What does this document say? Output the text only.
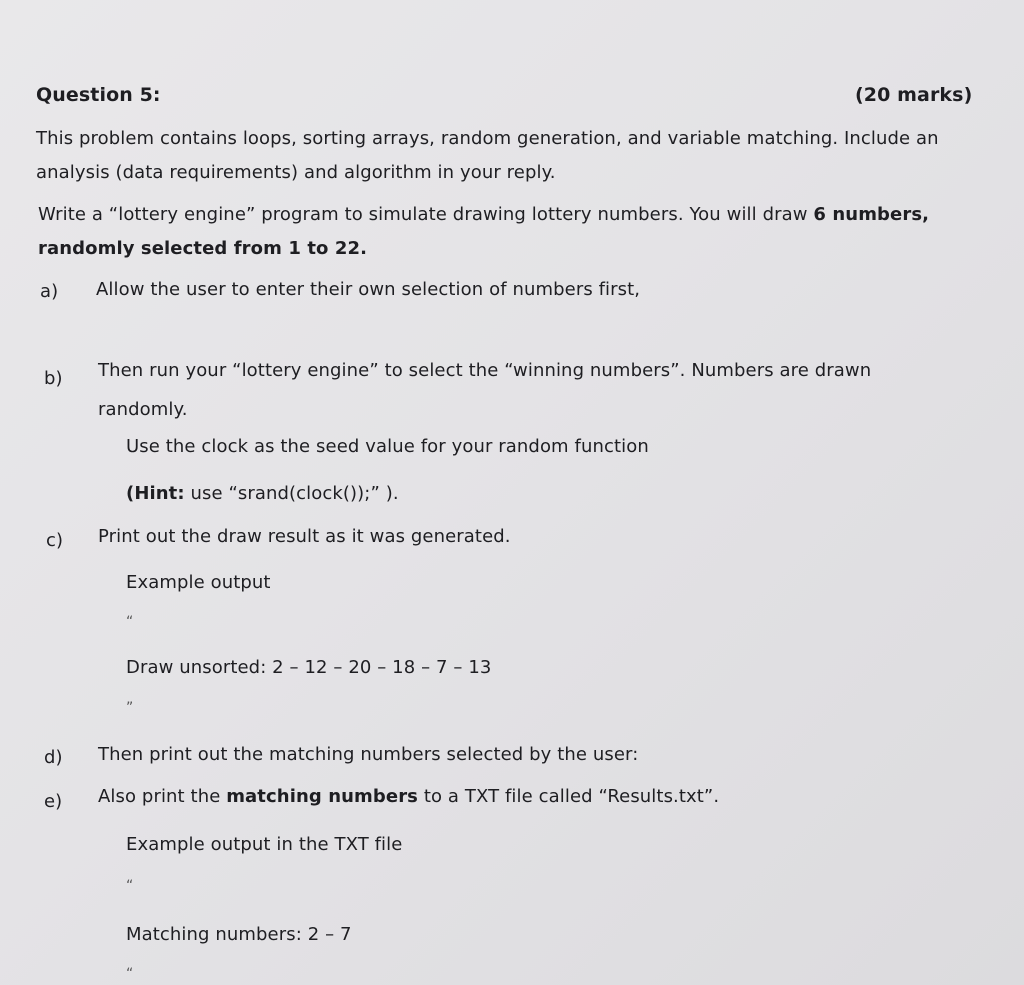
Question 5:	(20 marks)
This problem contains loops, sorting arrays, random generation, and variable matching. Include an
analysis (data requirements) and algorithm in your reply.
Write a “lottery engine” program to simulate drawing lottery numbers. You will draw 6 numbers,
randomly selected from 1 to 22.
a) Allow the user to enter their own selection of numbers first,
b) Then run your “lottery engine” to select the “winning numbers”. Numbers are drawn
randomly.
Use the clock as the seed value for your random function
(Hint: use “srand(clock());” ).
c) Print out the draw result as it was generated.
Example output
“
Draw unsorted: 2 – 12 – 20 – 18 – 7 – 13
”
d) Then print out the matching numbers selected by the user:
e) Also print the matching numbers to a TXT file called “Results.txt”.
Example output in the TXT file
“
Matching numbers: 2 – 7
“
